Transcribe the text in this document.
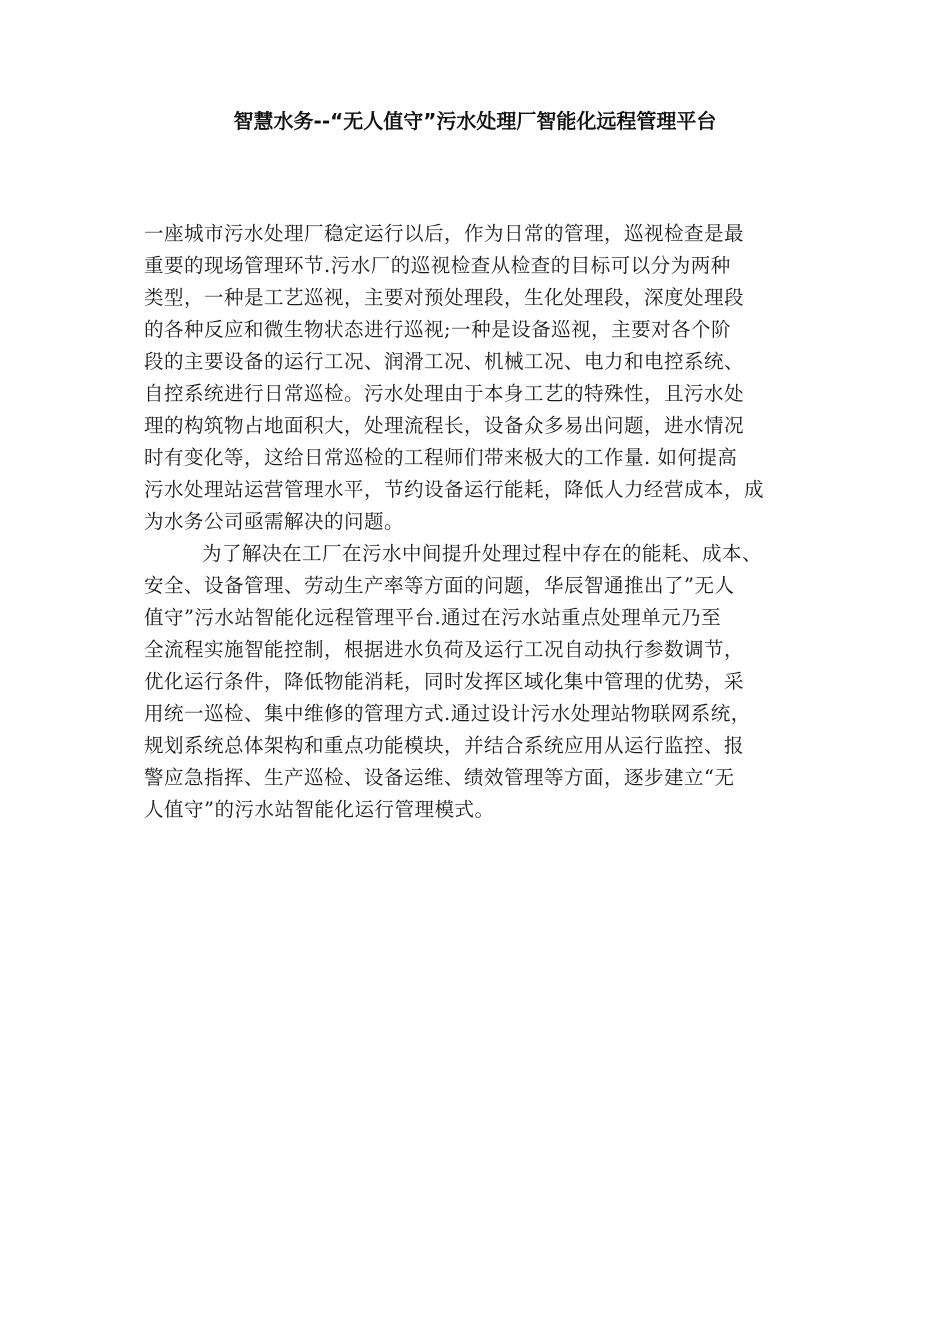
智慧水务--“无人值守”污水处理厂智能化远程管理平台
一座城市污水处理厂稳定运行以后，作为日常的管理，巡视检查是最
重要的现场管理环节.污水厂的巡视检查从检查的目标可以分为两种
类型，一种是工艺巡视，主要对预处理段，生化处理段，深度处理段
的各种反应和微生物状态进行巡视;一种是设备巡视，主要对各个阶
段的主要设备的运行工况、润滑工况、机械工况、电力和电控系统、
自控系统进行日常巡检。污水处理由于本身工艺的特殊性，且污水处
理的构筑物占地面积大，处理流程长，设备众多易出问题，进水情况
时有变化等，这给日常巡检的工程师们带来极大的工作量. 如何提高
污水处理站运营管理水平，节约设备运行能耗，降低人力经营成本，成
为水务公司亟需解决的问题。
为了解决在工厂在污水中间提升处理过程中存在的能耗、成本、
安全、设备管理、劳动生产率等方面的问题，华辰智通推出了”无人
值守”污水站智能化远程管理平台.通过在污水站重点处理单元乃至
全流程实施智能控制，根据进水负荷及运行工况自动执行参数调节，
优化运行条件，降低物能消耗，同时发挥区域化集中管理的优势，采
用统一巡检、集中维修的管理方式.通过设计污水处理站物联网系统，
规划系统总体架构和重点功能模块，并结合系统应用从运行监控、报
警应急指挥、生产巡检、设备运维、绩效管理等方面，逐步建立“无
人值守”的污水站智能化运行管理模式。
